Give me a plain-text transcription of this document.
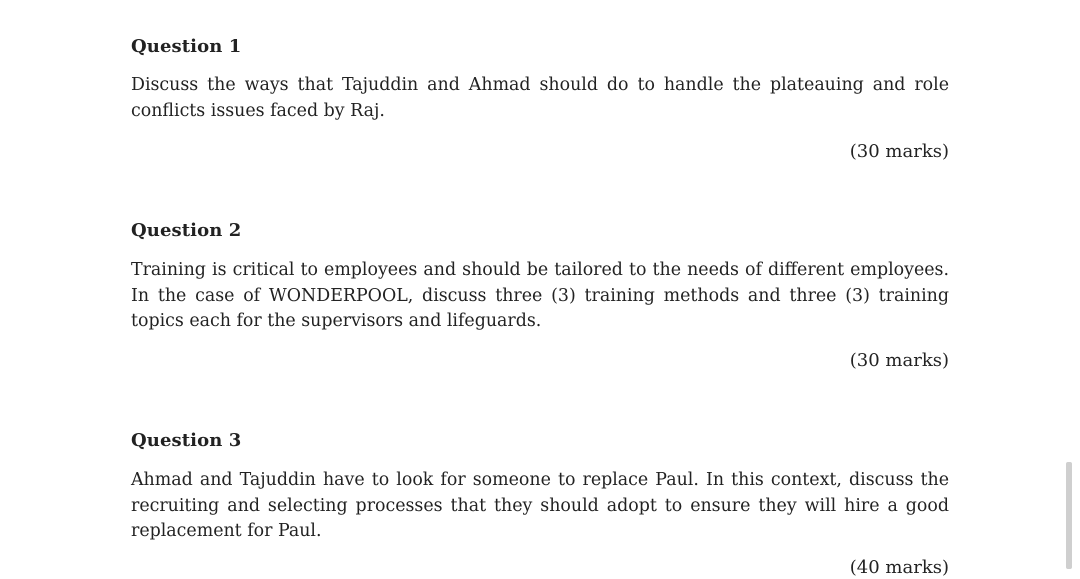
Question 1
Discuss the ways that Tajuddin and Ahmad should do to handle the plateauing and role conflicts issues faced by Raj.
(30 marks)
Question 2
Training is critical to employees and should be tailored to the needs of different employees. In the case of WONDERPOOL, discuss three (3) training methods and three (3) training topics each for the supervisors and lifeguards.
(30 marks)
Question 3
Ahmad and Tajuddin have to look for someone to replace Paul. In this context, discuss the recruiting and selecting processes that they should adopt to ensure they will hire a good replacement for Paul.
(40 marks)
